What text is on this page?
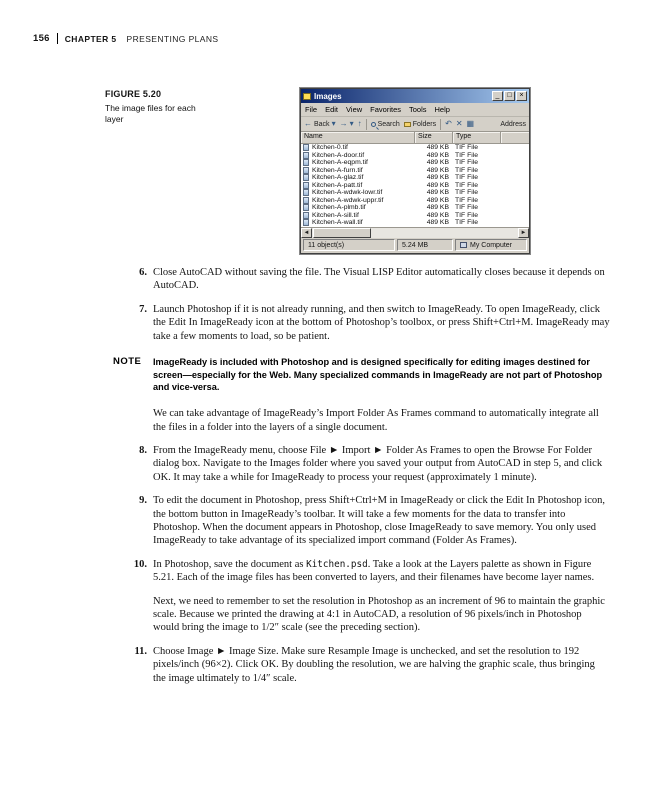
156 CHAPTER 5 PRESENTING PLANS
FIGURE 5.20
The image files for each layer
Images	_	□	×
File Edit View Favorites Tools Help
← Back ▾ → ▾ ↑ Search Folders ↶ ✕ ▦	Address
Name	Size	Type
Kitchen-0.tif	489 KB TIF File
Kitchen-A-door.tif	489 KB TIF File
Kitchen-A-eqpm.tif	489 KB TIF File
Kitchen-A-furn.tif	489 KB TIF File
Kitchen-A-glaz.tif	489 KB TIF File
Kitchen-A-patt.tif	489 KB TIF File
Kitchen-A-wdwk-lowr.tif	489 KB TIF File
Kitchen-A-wdwk-uppr.tif	489 KB TIF File
Kitchen-A-plmb.tif	489 KB TIF File
Kitchen-A-sill.tif	489 KB TIF File
Kitchen-A-wall.tif	489 KB TIF File
◄	►
11 object(s)	5.24 MB	My Computer
6. Close AutoCAD without saving the file. The Visual LISP Editor automatically closes because it depends on AutoCAD.
7. Launch Photoshop if it is not already running, and then switch to ImageReady. To open ImageReady, click the Edit In ImageReady icon at the bottom of Photoshop’s toolbox, or press Shift+Ctrl+M. ImageReady may take a few moments to load, so be patient.
NOTE ImageReady is included with Photoshop and is designed specifically for editing images destined for screen—especially for the Web. Many specialized commands in ImageReady are not part of Photoshop and vice-versa.
We can take advantage of ImageReady’s Import Folder As Frames command to automatically integrate all the files in a folder into the layers of a single document.
8. From the ImageReady menu, choose File ► Import ► Folder As Frames to open the Browse For Folder dialog box. Navigate to the Images folder where you saved your output from AutoCAD in step 5, and click OK. It may take a while for ImageReady to process your request (approximately 1 minute).
9. To edit the document in Photoshop, press Shift+Ctrl+M in ImageReady or click the Edit In Photoshop icon, the bottom button in ImageReady’s toolbar. It will take a few moments for the data to transfer into Photoshop. When the document appears in Photoshop, close ImageReady to save memory. You only used ImageReady to take advantage of its specialized import command (Folder As Frames).
10. In Photoshop, save the document as Kitchen.psd. Take a look at the Layers palette as shown in Figure 5.21. Each of the image files has been converted to layers, and their filenames have become layer names.
Next, we need to remember to set the resolution in Photoshop as an increment of 96 to maintain the graphic scale. Because we printed the drawing at 4:1 in AutoCAD, a resolution of 96 pixels/inch in Photoshop would bring the image to 1/2″ scale (see the preceding section).
11. Choose Image ► Image Size. Make sure Resample Image is unchecked, and set the resolution to 192 pixels/inch (96×2). Click OK. By doubling the resolution, we are halving the graphic scale, thus bringing the image ultimately to 1/4″ scale.
